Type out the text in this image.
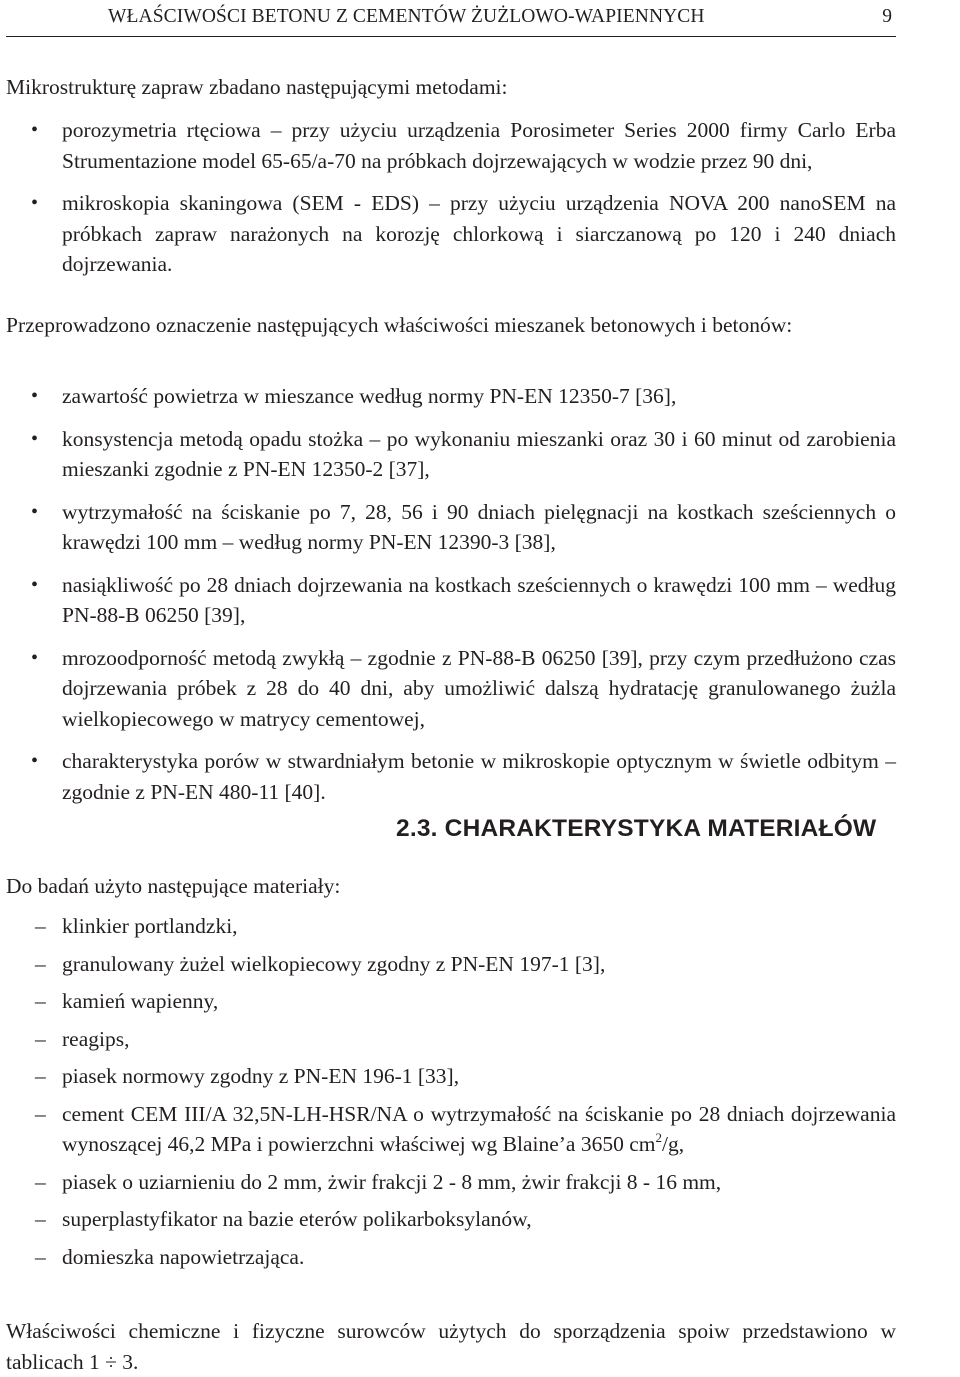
WŁAŚCIWOŚCI BETONU Z CEMENTÓW ŻUŻLOWO-WAPIENNYCH	9

Mikrostrukturę zapraw zbadano następującymi metodami:

• porozymetria rtęciowa – przy użyciu urządzenia Porosimeter Series 2000 firmy Carlo Erba Strumentazione model 65-65/a-70 na próbkach dojrzewających w wodzie przez 90 dni,
• mikroskopia skaningowa (SEM - EDS) – przy użyciu urządzenia NOVA 200 nanoSEM na próbkach zapraw narażonych na korozję chlorkową i siarczanową po 120 i 240 dniach dojrzewania.

Przeprowadzono oznaczenie następujących właściwości mieszanek betonowych i betonów:

• zawartość powietrza w mieszance według normy PN-EN 12350-7 [36],
• konsystencja metodą opadu stożka – po wykonaniu mieszanki oraz 30 i 60 minut od zarobienia mieszanki zgodnie z PN-EN 12350-2 [37],
• wytrzymałość na ściskanie po 7, 28, 56 i 90 dniach pielęgnacji na kostkach sześciennych o krawędzi 100 mm – według normy PN-EN 12390-3 [38],
• nasiąkliwość po 28 dniach dojrzewania na kostkach sześciennych o krawędzi 100 mm – według PN-88-B 06250 [39],
• mrozoodporność metodą zwykłą – zgodnie z PN-88-B 06250 [39], przy czym przedłużono czas dojrzewania próbek z 28 do 40 dni, aby umożliwić dalszą hydratację granulowanego żużla wielkopiecowego w matrycy cementowej,
• charakterystyka porów w stwardniałym betonie w mikroskopie optycznym w świetle odbitym – zgodnie z PN-EN 480-11 [40].
2.3. CHARAKTERYSTYKA MATERIAŁÓW

Do badań użyto następujące materiały:

– klinkier portlandzki,
– granulowany żużel wielkopiecowy zgodny z PN-EN 197-1 [3],
– kamień wapienny,
– reagips,
– piasek normowy zgodny z PN-EN 196-1 [33],
– cement CEM III/A 32,5N-LH-HSR/NA o wytrzymałość na ściskanie po 28 dniach dojrzewania wynoszącej 46,2 MPa i powierzchni właściwej wg Blaine’a 3650 $cm^2/g$,
– piasek o uziarnieniu do 2 mm, żwir frakcji 2 - 8 mm, żwir frakcji 8 - 16 mm,
– superplastyfikator na bazie eterów polikarboksylanów,
– domieszka napowietrzająca.

Właściwości chemiczne i fizyczne surowców użytych do sporządzenia spoiw przedstawiono w tablicach 1 ÷ 3.
